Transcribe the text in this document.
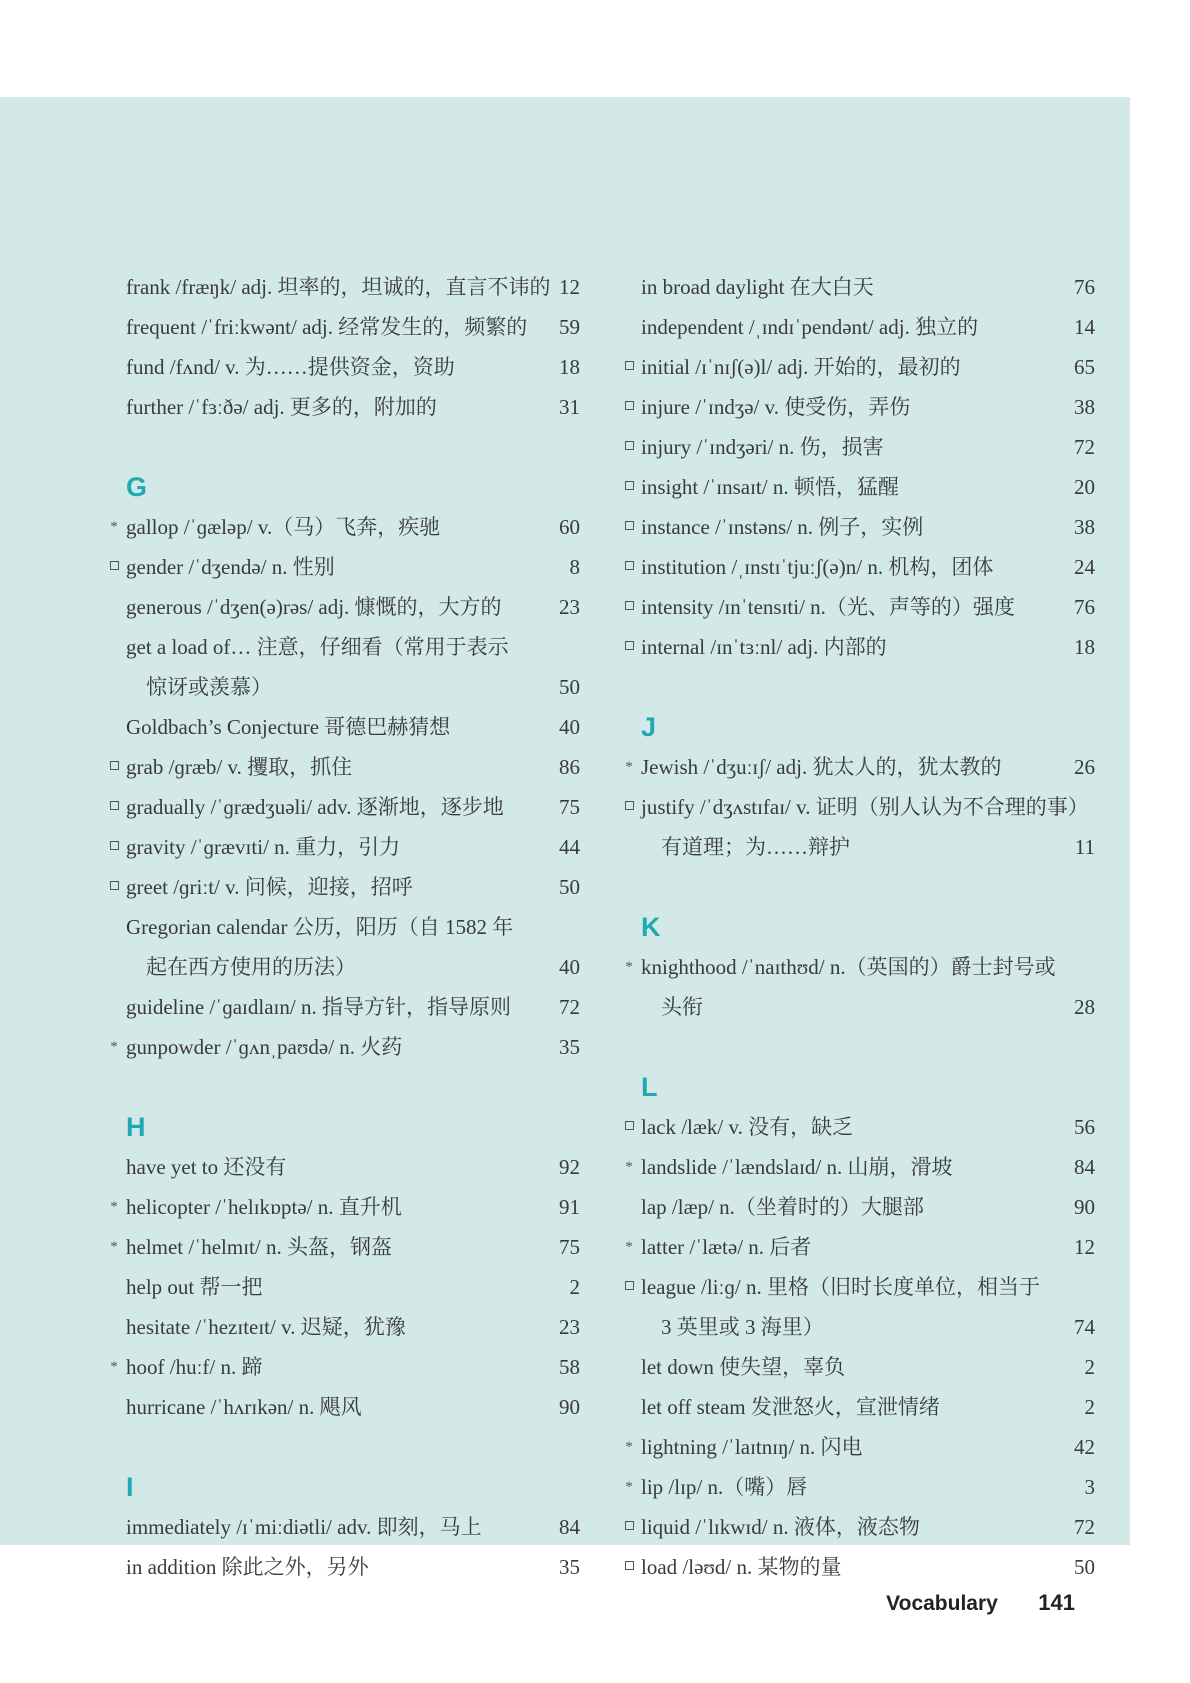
frank /fræŋk/ adj. 坦率的，坦诚的，直言不讳的 12
frequent /ˈfriːkwənt/ adj. 经常发生的，频繁的 59
fund /fʌnd/ v. 为……提供资金，资助	18
further /ˈfɜːðə/ adj. 更多的，附加的	31
G
*
gallop /ˈɡæləp/ v.（马）飞奔，疾驰	60
gender /ˈdʒendə/ n. 性别	8
generous /ˈdʒen(ə)rəs/ adj. 慷慨的，大方的	23
get a load of… 注意，仔细看（常用于表示
惊讶或羡慕）	50
Goldbach’s Conjecture 哥德巴赫猜想	40
grab /ɡræb/ v. 攫取，抓住	86
gradually /ˈɡrædʒuəli/ adv. 逐渐地，逐步地	75
gravity /ˈɡrævɪti/ n. 重力，引力	44
greet /ɡriːt/ v. 问候，迎接，招呼	50
Gregorian calendar 公历，阳历（自 1582 年
起在西方使用的历法）	40
guideline /ˈɡaɪdlaɪn/ n. 指导方针，指导原则 72
*
gunpowder /ˈɡʌnˌpaʊdə/ n. 火药	35
H
have yet to 还没有	92
*
helicopter /ˈhelɪkɒptə/ n. 直升机	91
*
helmet /ˈhelmɪt/ n. 头盔，钢盔	75
help out 帮一把	2
hesitate /ˈhezɪteɪt/ v. 迟疑，犹豫	23
*
hoof /huːf/ n. 蹄	58
hurricane /ˈhʌrɪkən/ n. 飓风	90
I
immediately /ɪˈmiːdiətli/ adv. 即刻，马上	84
in addition 除此之外，另外	35
in broad daylight 在大白天	76
independent /ˌɪndɪˈpendənt/ adj. 独立的	14
initial /ɪˈnɪʃ(ə)l/ adj. 开始的，最初的	65
injure /ˈɪndʒə/ v. 使受伤，弄伤	38
injury /ˈɪndʒəri/ n. 伤，损害	72
insight /ˈɪnsaɪt/ n. 顿悟，猛醒	20
instance /ˈɪnstəns/ n. 例子，实例	38
institution /ˌɪnstɪˈtjuːʃ(ə)n/ n. 机构，团体	24
intensity /ɪnˈtensɪti/ n.（光、声等的）强度	76
internal /ɪnˈtɜːnl/ adj. 内部的	18
J
*
Jewish /ˈdʒuːɪʃ/ adj. 犹太人的，犹太教的	26
justify /ˈdʒʌstɪfaɪ/ v. 证明（别人认为不合理的事）
有道理；为……辩护	11
K
*
knighthood /ˈnaɪthʊd/ n.（英国的）爵士封号或
头衔	28
L
lack /læk/ v. 没有，缺乏	56
*
landslide /ˈlændslaɪd/ n. 山崩，滑坡	84
lap /læp/ n.（坐着时的）大腿部	90
*
latter /ˈlætə/ n. 后者	12
league /liːɡ/ n. 里格（旧时长度单位，相当于
3 英里或 3 海里）	74
let down 使失望，辜负	2
let off steam 发泄怒火，宣泄情绪	2
*
lightning /ˈlaɪtnɪŋ/ n. 闪电	42
*
lip /lɪp/ n.（嘴）唇	3
liquid /ˈlɪkwɪd/ n. 液体，液态物	72
load /ləʊd/ n. 某物的量	50
Vocabulary 141
